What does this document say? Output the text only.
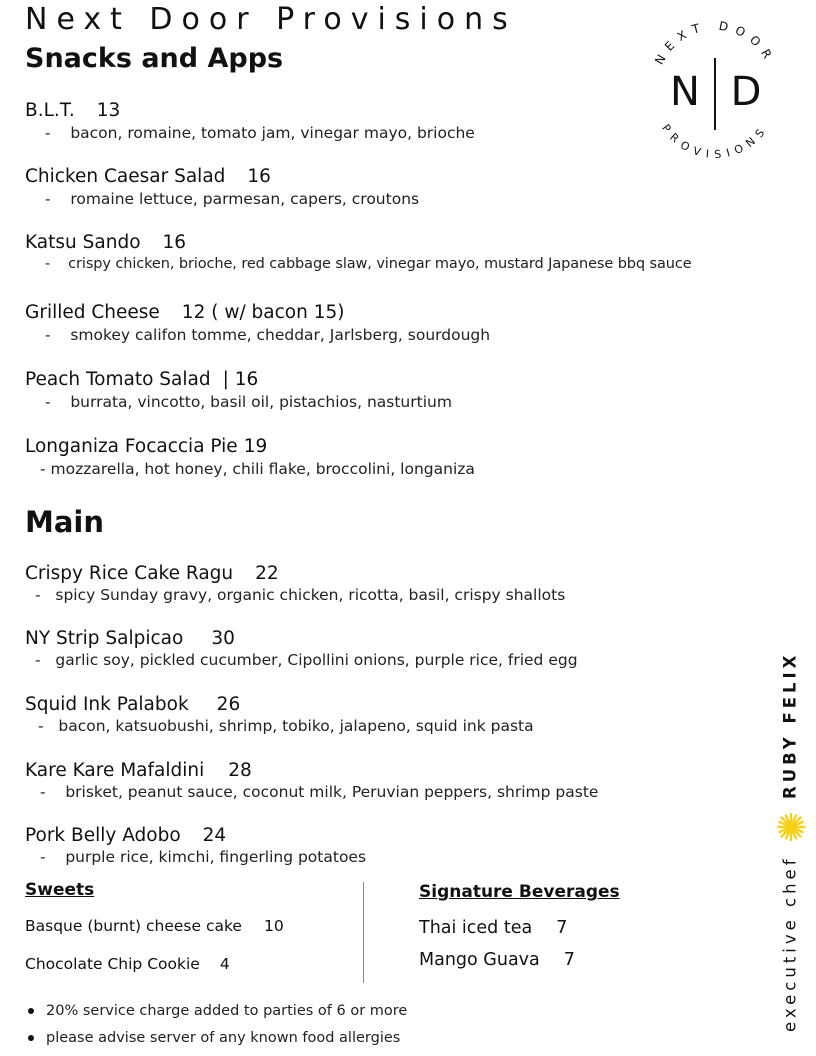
Next Door Provisions
NEXT DOOR
PROVISIONS
N D
Snacks and Apps
B.L.T. 13
-    bacon, romaine, tomato jam, vinegar mayo, brioche
Chicken Caesar Salad 16
-    romaine lettuce, parmesan, capers, croutons
Katsu Sando 16
-    crispy chicken, brioche, red cabbage slaw, vinegar mayo, mustard Japanese bbq sauce
Grilled Cheese 12 ( w/ bacon 15)
-    smokey califon tomme, cheddar, Jarlsberg, sourdough
Peach Tomato Salad | 16
-    burrata, vincotto, basil oil, pistachios, nasturtium
Longaniza Focaccia Pie 19
- mozzarella, hot honey, chili flake, broccolini, longaniza
Main
Crispy Rice Cake Ragu 22
-   spicy Sunday gravy, organic chicken, ricotta, basil, crispy shallots
NY Strip Salpicao 30
-   garlic soy, pickled cucumber, Cipollini onions, purple rice, fried egg
Squid Ink Palabok 26
-   bacon, katsuobushi, shrimp, tobiko, jalapeno, squid ink pasta
Kare Kare Mafaldini 28
-    brisket, peanut sauce, coconut milk, Peruvian peppers, shrimp paste
Pork Belly Adobo 24
-    purple rice, kimchi, fingerling potatoes
Sweets
Basque (burnt) cheese cake 10
Chocolate Chip Cookie 4
Signature Beverages
Thai iced tea 7
Mango Guava 7
20% service charge added to parties of 6 or more
please advise server of any known food allergies
executive chef  RUBY FELIX
